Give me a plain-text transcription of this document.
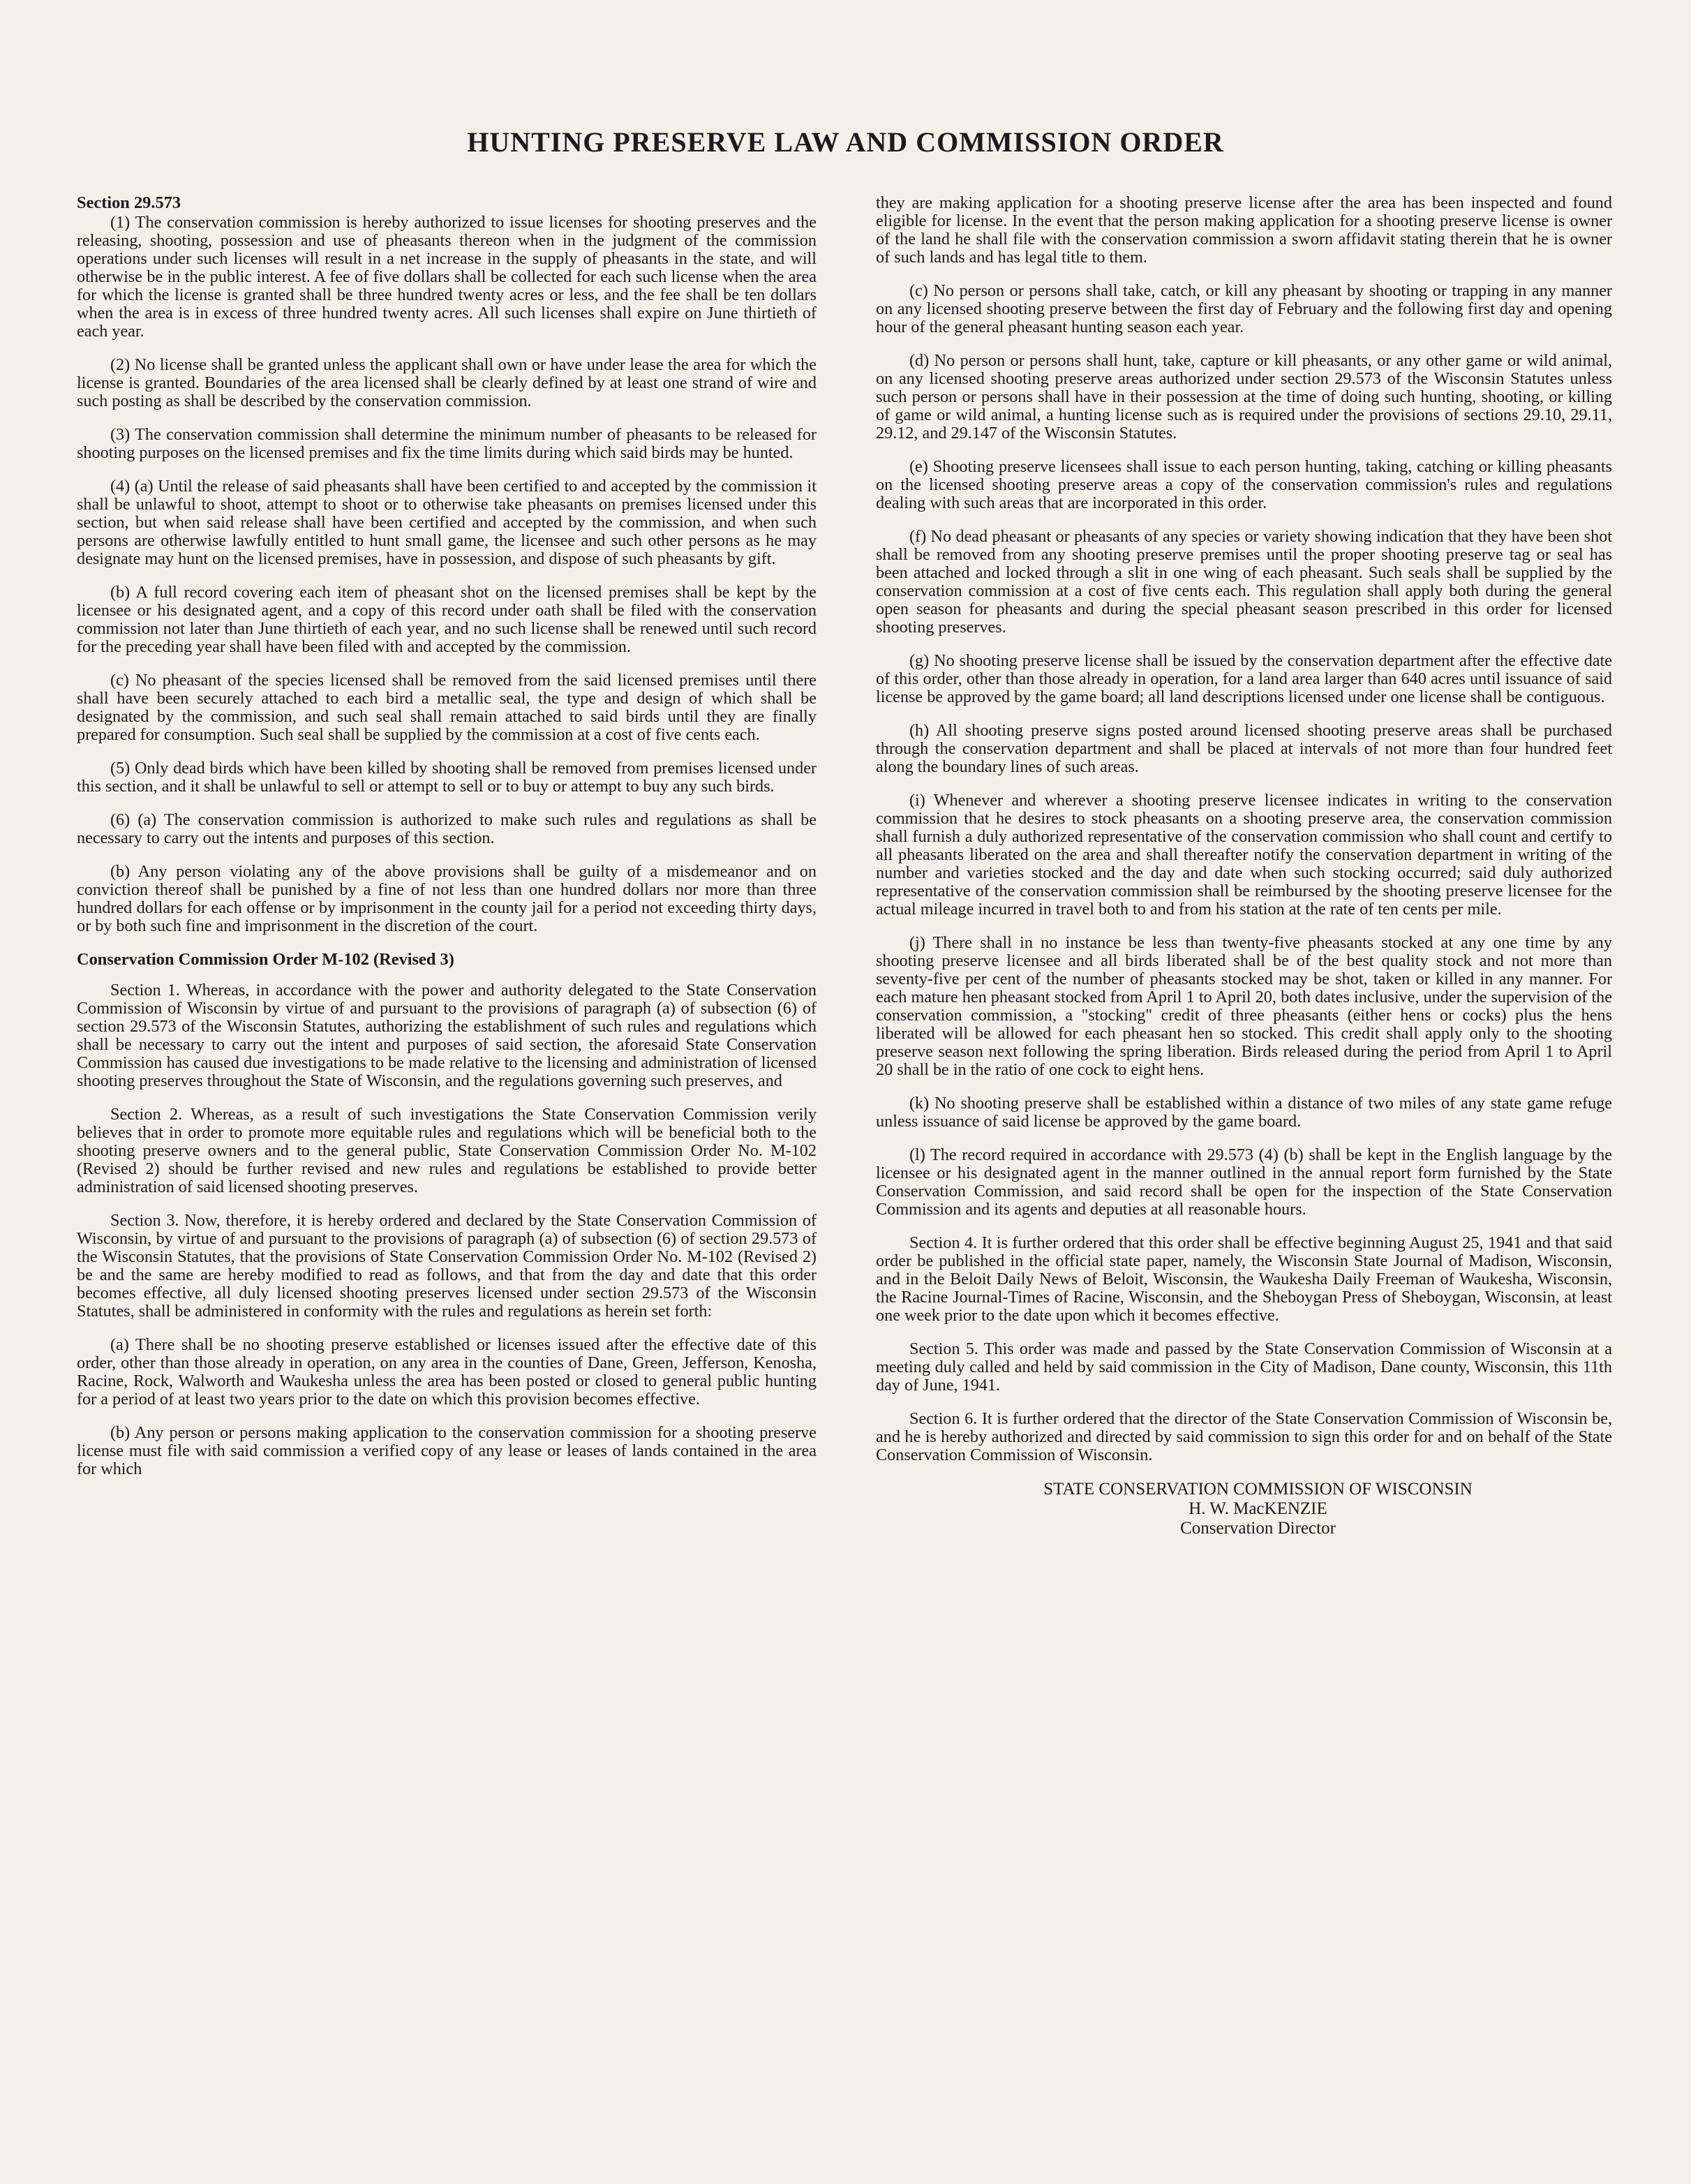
HUNTING PRESERVE LAW AND COMMISSION ORDER
Section 29.573

(1) The conservation commission is hereby authorized to issue licenses for shooting preserves and the releasing, shooting, possession and use of pheasants thereon when in the judgment of the commission operations under such licenses will result in a net increase in the supply of pheasants in the state, and will otherwise be in the public interest. A fee of five dollars shall be collected for each such license when the area for which the license is granted shall be three hundred twenty acres or less, and the fee shall be ten dollars when the area is in excess of three hundred twenty acres. All such licenses shall expire on June thirtieth of each year.

(2) No license shall be granted unless the applicant shall own or have under lease the area for which the license is granted. Boundaries of the area licensed shall be clearly defined by at least one strand of wire and such posting as shall be described by the conservation commission.

(3) The conservation commission shall determine the minimum number of pheasants to be released for shooting purposes on the licensed premises and fix the time limits during which said birds may be hunted.

(4) (a) Until the release of said pheasants shall have been certified to and accepted by the commission it shall be unlawful to shoot, attempt to shoot or to otherwise take pheasants on premises licensed under this section, but when said release shall have been certified and accepted by the commission, and when such persons are otherwise lawfully entitled to hunt small game, the licensee and such other persons as he may designate may hunt on the licensed premises, have in possession, and dispose of such pheasants by gift.

(b) A full record covering each item of pheasant shot on the licensed premises shall be kept by the licensee or his designated agent, and a copy of this record under oath shall be filed with the conservation commission not later than June thirtieth of each year, and no such license shall be renewed until such record for the preceding year shall have been filed with and accepted by the commission.

(c) No pheasant of the species licensed shall be removed from the said licensed premises until there shall have been securely attached to each bird a metallic seal, the type and design of which shall be designated by the commission, and such seal shall remain attached to said birds until they are finally prepared for consumption. Such seal shall be supplied by the commission at a cost of five cents each.

(5) Only dead birds which have been killed by shooting shall be removed from premises licensed under this section, and it shall be unlawful to sell or attempt to sell or to buy or attempt to buy any such birds.

(6) (a) The conservation commission is authorized to make such rules and regulations as shall be necessary to carry out the intents and purposes of this section.

(b) Any person violating any of the above provisions shall be guilty of a misdemeanor and on conviction thereof shall be punished by a fine of not less than one hundred dollars nor more than three hundred dollars for each offense or by imprisonment in the county jail for a period not exceeding thirty days, or by both such fine and imprisonment in the discretion of the court.

Conservation Commission Order M-102 (Revised 3)

Section 1. Whereas, in accordance with the power and authority delegated to the State Conservation Commission of Wisconsin by virtue of and pursuant to the provisions of paragraph (a) of subsection (6) of section 29.573 of the Wisconsin Statutes, authorizing the establishment of such rules and regulations which shall be necessary to carry out the intent and purposes of said section, the aforesaid State Conservation Commission has caused due investigations to be made relative to the licensing and administration of licensed shooting preserves throughout the State of Wisconsin, and the regulations governing such preserves, and

Section 2. Whereas, as a result of such investigations the State Conservation Commission verily believes that in order to promote more equitable rules and regulations which will be beneficial both to the shooting preserve owners and to the general public, State Conservation Commission Order No. M-102 (Revised 2) should be further revised and new rules and regulations be established to provide better administration of said licensed shooting preserves.

Section 3. Now, therefore, it is hereby ordered and declared by the State Conservation Commission of Wisconsin, by virtue of and pursuant to the provisions of paragraph (a) of subsection (6) of section 29.573 of the Wisconsin Statutes, that the provisions of State Conservation Commission Order No. M-102 (Revised 2) be and the same are hereby modified to read as follows, and that from the day and date that this order becomes effective, all duly licensed shooting preserves licensed under section 29.573 of the Wisconsin Statutes, shall be administered in conformity with the rules and regulations as herein set forth:

(a) There shall be no shooting preserve established or licenses issued after the effective date of this order, other than those already in operation, on any area in the counties of Dane, Green, Jefferson, Kenosha, Racine, Rock, Walworth and Waukesha unless the area has been posted or closed to general public hunting for a period of at least two years prior to the date on which this provision becomes effective.

(b) Any person or persons making application to the conservation commission for a shooting preserve license must file with said commission a verified copy of any lease or leases of lands contained in the area for which

they are making application for a shooting preserve license after the area has been inspected and found eligible for license. In the event that the person making application for a shooting preserve license is owner of the land he shall file with the conservation commission a sworn affidavit stating therein that he is owner of such lands and has legal title to them.

(c) No person or persons shall take, catch, or kill any pheasant by shooting or trapping in any manner on any licensed shooting preserve between the first day of February and the following first day and opening hour of the general pheasant hunting season each year.

(d) No person or persons shall hunt, take, capture or kill pheasants, or any other game or wild animal, on any licensed shooting preserve areas authorized under section 29.573 of the Wisconsin Statutes unless such person or persons shall have in their possession at the time of doing such hunting, shooting, or killing of game or wild animal, a hunting license such as is required under the provisions of sections 29.10, 29.11, 29.12, and 29.147 of the Wisconsin Statutes.

(e) Shooting preserve licensees shall issue to each person hunting, taking, catching or killing pheasants on the licensed shooting preserve areas a copy of the conservation commission's rules and regulations dealing with such areas that are incorporated in this order.

(f) No dead pheasant or pheasants of any species or variety showing indication that they have been shot shall be removed from any shooting preserve premises until the proper shooting preserve tag or seal has been attached and locked through a slit in one wing of each pheasant. Such seals shall be supplied by the conservation commission at a cost of five cents each. This regulation shall apply both during the general open season for pheasants and during the special pheasant season prescribed in this order for licensed shooting preserves.

(g) No shooting preserve license shall be issued by the conservation department after the effective date of this order, other than those already in operation, for a land area larger than 640 acres until issuance of said license be approved by the game board; all land descriptions licensed under one license shall be contiguous.

(h) All shooting preserve signs posted around licensed shooting preserve areas shall be purchased through the conservation department and shall be placed at intervals of not more than four hundred feet along the boundary lines of such areas.

(i) Whenever and wherever a shooting preserve licensee indicates in writing to the conservation commission that he desires to stock pheasants on a shooting preserve area, the conservation commission shall furnish a duly authorized representative of the conservation commission who shall count and certify to all pheasants liberated on the area and shall thereafter notify the conservation department in writing of the number and varieties stocked and the day and date when such stocking occurred; said duly authorized representative of the conservation commission shall be reimbursed by the shooting preserve licensee for the actual mileage incurred in travel both to and from his station at the rate of ten cents per mile.

(j) There shall in no instance be less than twenty-five pheasants stocked at any one time by any shooting preserve licensee and all birds liberated shall be of the best quality stock and not more than seventy-five per cent of the number of pheasants stocked may be shot, taken or killed in any manner. For each mature hen pheasant stocked from April 1 to April 20, both dates inclusive, under the supervision of the conservation commission, a "stocking" credit of three pheasants (either hens or cocks) plus the hens liberated will be allowed for each pheasant hen so stocked. This credit shall apply only to the shooting preserve season next following the spring liberation. Birds released during the period from April 1 to April 20 shall be in the ratio of one cock to eight hens.

(k) No shooting preserve shall be established within a distance of two miles of any state game refuge unless issuance of said license be approved by the game board.

(l) The record required in accordance with 29.573 (4) (b) shall be kept in the English language by the licensee or his designated agent in the manner outlined in the annual report form furnished by the State Conservation Commission, and said record shall be open for the inspection of the State Conservation Commission and its agents and deputies at all reasonable hours.

Section 4. It is further ordered that this order shall be effective beginning August 25, 1941 and that said order be published in the official state paper, namely, the Wisconsin State Journal of Madison, Wisconsin, and in the Beloit Daily News of Beloit, Wisconsin, the Waukesha Daily Freeman of Waukesha, Wisconsin, the Racine Journal-Times of Racine, Wisconsin, and the Sheboygan Press of Sheboygan, Wisconsin, at least one week prior to the date upon which it becomes effective.

Section 5. This order was made and passed by the State Conservation Commission of Wisconsin at a meeting duly called and held by said commission in the City of Madison, Dane county, Wisconsin, this 11th day of June, 1941.

Section 6. It is further ordered that the director of the State Conservation Commission of Wisconsin be, and he is hereby authorized and directed by said commission to sign this order for and on behalf of the State Conservation Commission of Wisconsin.

STATE CONSERVATION COMMISSION OF WISCONSIN
H. W. MacKENZIE
Conservation Director
